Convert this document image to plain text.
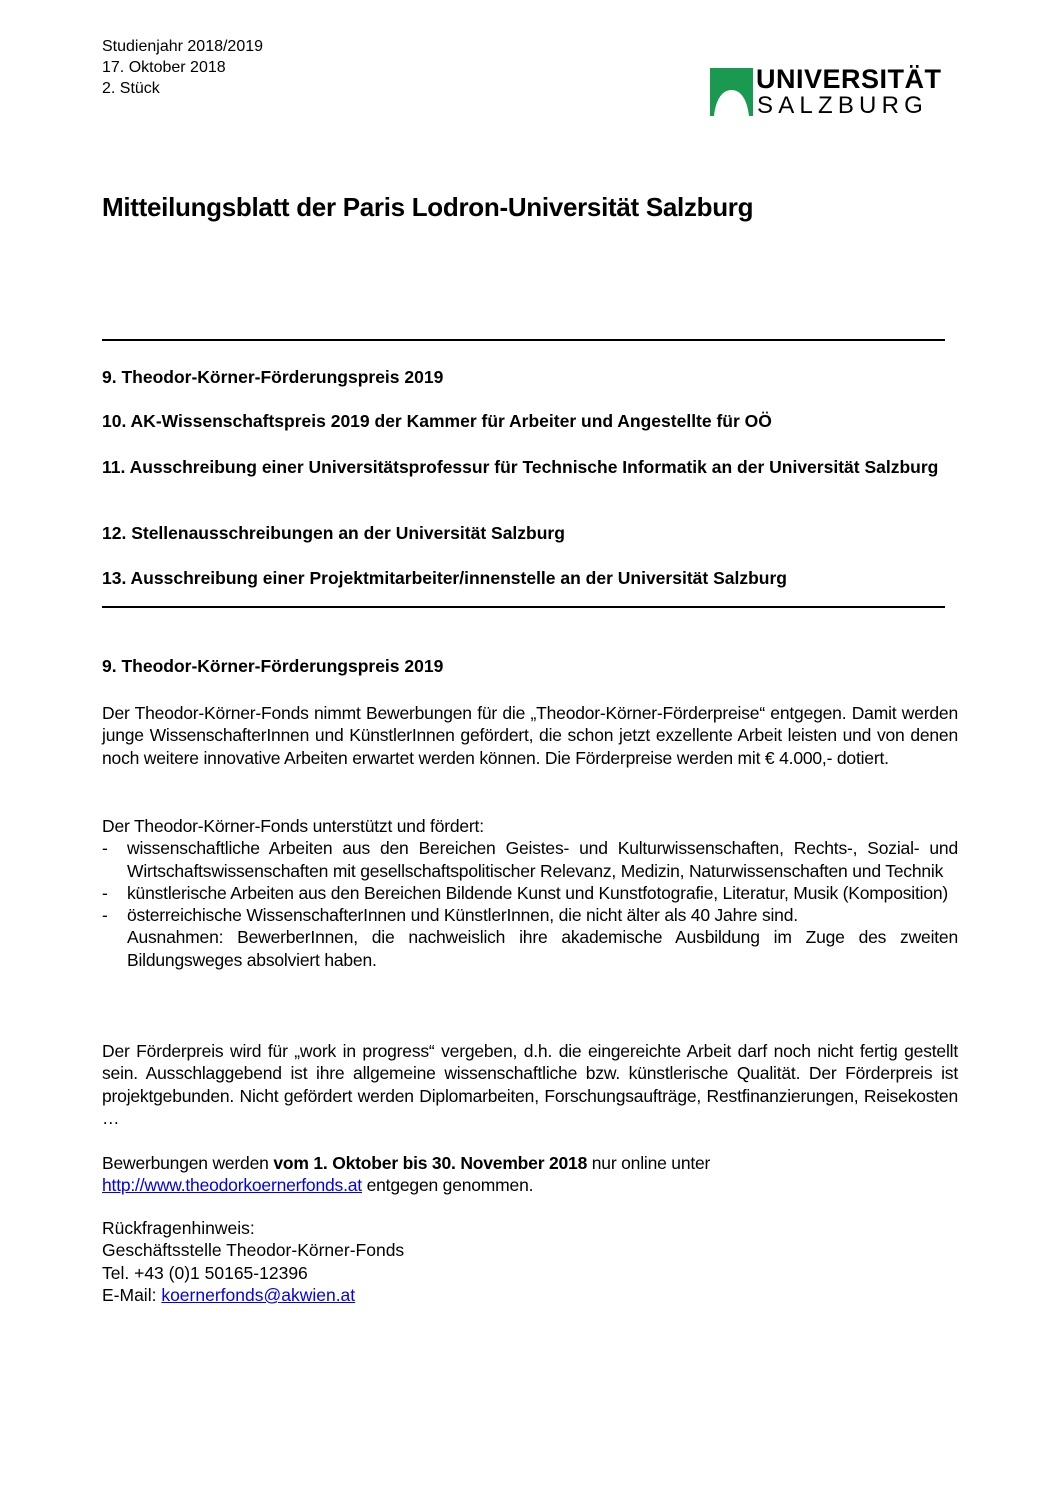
Studienjahr 2018/2019
17. Oktober 2018
2. Stück	UNIVERSITÄT
SALZBURG
Mitteilungsblatt der Paris Lodron-Universität Salzburg
9. Theodor-Körner-Förderungspreis 2019
10. AK-Wissenschaftspreis 2019 der Kammer für Arbeiter und Angestellte für OÖ
11. Ausschreibung einer Universitätsprofessur für Technische Informatik an der Universität Salzburg
12. Stellenausschreibungen an der Universität Salzburg
13. Ausschreibung einer Projektmitarbeiter/innenstelle an der Universität Salzburg
9. Theodor-Körner-Förderungspreis 2019
Der Theodor-Körner-Fonds nimmt Bewerbungen für die „Theodor-Körner-Förderpreise“ entgegen. Damit werden junge WissenschafterInnen und KünstlerInnen gefördert, die schon jetzt exzellente Arbeit leisten und von denen noch weitere innovative Arbeiten erwartet werden können. Die Förderpreise werden mit € 4.000,- dotiert.
Der Theodor-Körner-Fonds unterstützt und fördert:
- wissenschaftliche Arbeiten aus den Bereichen Geistes- und Kulturwissenschaften, Rechts-, Sozial- und Wirtschaftswissenschaften mit gesellschaftspolitischer Relevanz, Medizin, Naturwissenschaften und Technik
- künstlerische Arbeiten aus den Bereichen Bildende Kunst und Kunstfotografie, Literatur, Musik (Komposition)
- österreichische WissenschafterInnen und KünstlerInnen, die nicht älter als 40 Jahre sind.
Ausnahmen: BewerberInnen, die nachweislich ihre akademische Ausbildung im Zuge des zweiten Bildungsweges absolviert haben.
Der Förderpreis wird für „work in progress“ vergeben, d.h. die eingereichte Arbeit darf noch nicht fertig gestellt sein. Ausschlaggebend ist ihre allgemeine wissenschaftliche bzw. künstlerische Qualität. Der Förderpreis ist projektgebunden. Nicht gefördert werden Diplomarbeiten, Forschungsaufträge, Restfinanzierungen, Reisekosten …
Bewerbungen werden vom 1. Oktober bis 30. November 2018 nur online unter
http://www.theodorkoernerfonds.at entgegen genommen.
Rückfragenhinweis:
Geschäftsstelle Theodor-Körner-Fonds
Tel. +43 (0)1 50165-12396
E-Mail: koernerfonds@akwien.at
